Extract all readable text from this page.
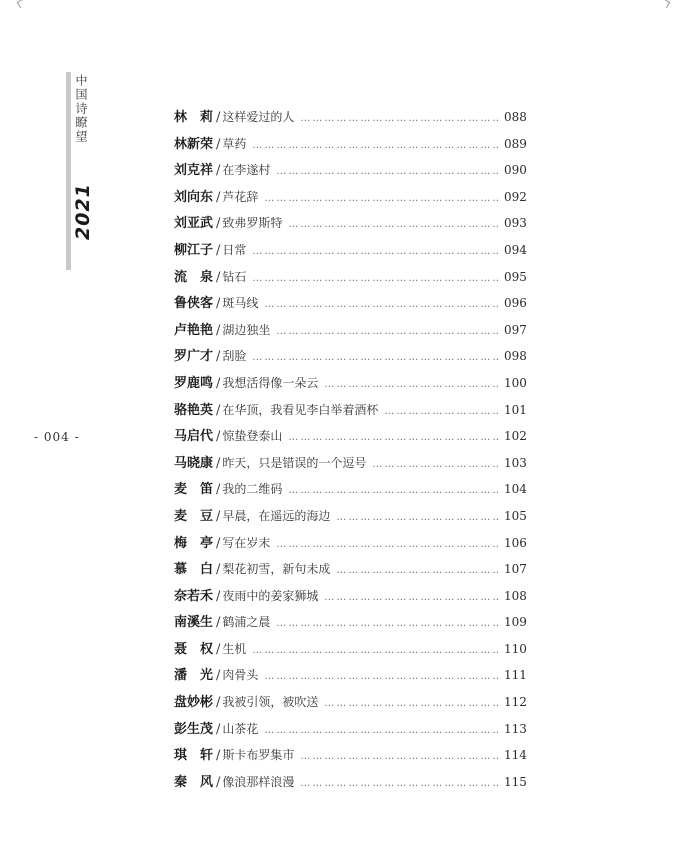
中国诗瞭望
2021
- 004 -
林　莉 / 这样爱过的人 ……………………………………………………………………………………………………………………………………………	088
林新荣 / 草药 ……………………………………………………………………………………………………………………………………………	089
刘克祥 / 在李遂村 ……………………………………………………………………………………………………………………………………………	090
刘向东 / 芦花辞 ……………………………………………………………………………………………………………………………………………	092
刘亚武 / 致弗罗斯特 ……………………………………………………………………………………………………………………………………………	093
柳江子 / 日常 ……………………………………………………………………………………………………………………………………………	094
流　泉 / 钻石 ……………………………………………………………………………………………………………………………………………	095
鲁侠客 / 斑马线 ……………………………………………………………………………………………………………………………………………	096
卢艳艳 / 湖边独坐 ……………………………………………………………………………………………………………………………………………	097
罗广才 / 刮脸 ……………………………………………………………………………………………………………………………………………	098
罗鹿鸣 / 我想活得像一朵云 ……………………………………………………………………………………………………………………………………………	100
骆艳英 / 在华顶，我看见李白举着酒杯 ……………………………………………………………………………………………………………………………………………	101
马启代 / 惊蛰登泰山 ……………………………………………………………………………………………………………………………………………	102
马晓康 / 昨天，只是错误的一个逗号 ……………………………………………………………………………………………………………………………………………	103
麦　笛 / 我的二维码 ……………………………………………………………………………………………………………………………………………	104
麦　豆 / 早晨，在遥远的海边 ……………………………………………………………………………………………………………………………………………	105
梅　亭 / 写在岁末 ……………………………………………………………………………………………………………………………………………	106
慕　白 / 梨花初雪，新句未成 ……………………………………………………………………………………………………………………………………………	107
奈若禾 / 夜雨中的姜家狮城 ……………………………………………………………………………………………………………………………………………	108
南溪生 / 鹤浦之晨 ……………………………………………………………………………………………………………………………………………	109
聂　权 / 生机 ……………………………………………………………………………………………………………………………………………	110
潘　光 / 肉骨头 ……………………………………………………………………………………………………………………………………………	111
盘妙彬 / 我被引领，被吹送 ……………………………………………………………………………………………………………………………………………	112
彭生茂 / 山茶花 ……………………………………………………………………………………………………………………………………………	113
琪　轩 / 斯卡布罗集市 ……………………………………………………………………………………………………………………………………………	114
秦　风 / 像浪那样浪漫 ……………………………………………………………………………………………………………………………………………	115
